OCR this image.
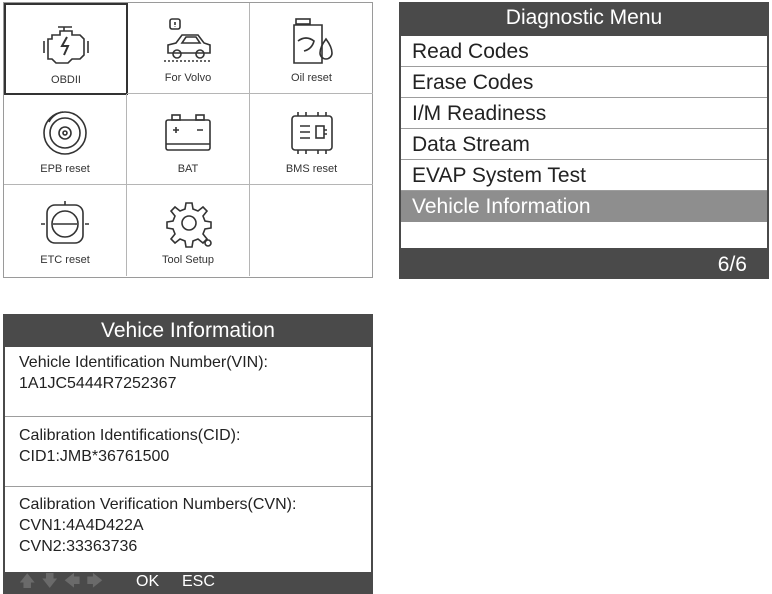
OBDII	For Volvo	Oil reset
EPB reset	BAT	BMS reset
ETC reset	Tool Setup
Diagnostic Menu
Read Codes
Erase Codes
I/M Readiness
Data Stream
EVAP System Test
Vehicle Information
6/6
Vehice Information
Vehicle Identification Number(VIN):
1A1JC5444R7252367
Calibration Identifications(CID):
CID1:JMB*36761500
Calibration Verification Numbers(CVN):
CVN1:4A4D422A
CVN2:33363736
🡅 🡇 🡄 🡆 OK ESC
